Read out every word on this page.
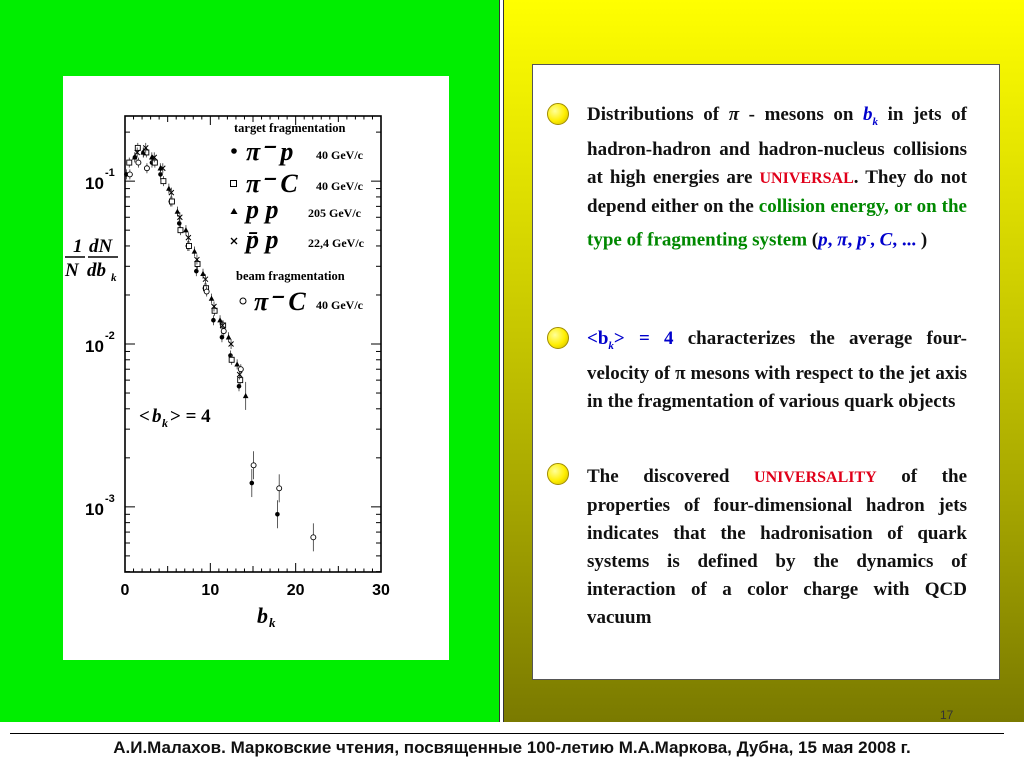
0	10	20	30
10
-1
10
-2
10
-3
1
N
dN
db k
b k
< b k > = 4
target fragmentation
π⁻ p 40 GeV/c
π⁻ C 40 GeV/c
p p 205 GeV/c
p̄ p 22,4 GeV/c
beam fragmentation
π⁻ C 40 GeV/c
Distributions of π - mesons on $b_k$ in jets of hadron-hadron and hadron-nucleus collisions at high energies are UNIVERSAL. They do not depend either on the collision energy, or on the type of fragmenting system (p, π, p-, C, ... )
$<b_k> = 4$ characterizes the average four-velocity of π mesons with respect to the jet axis in the fragmentation of various quark objects
The discovered UNIVERSALITY of the properties of four-dimensional hadron jets indicates that the hadronisation of quark systems is defined by the dynamics of interaction of a color charge with QCD vacuum
17
А.И.Малахов. Марковские чтения, посвященные 100-летию М.А.Маркова, Дубна, 15 мая 2008 г.
